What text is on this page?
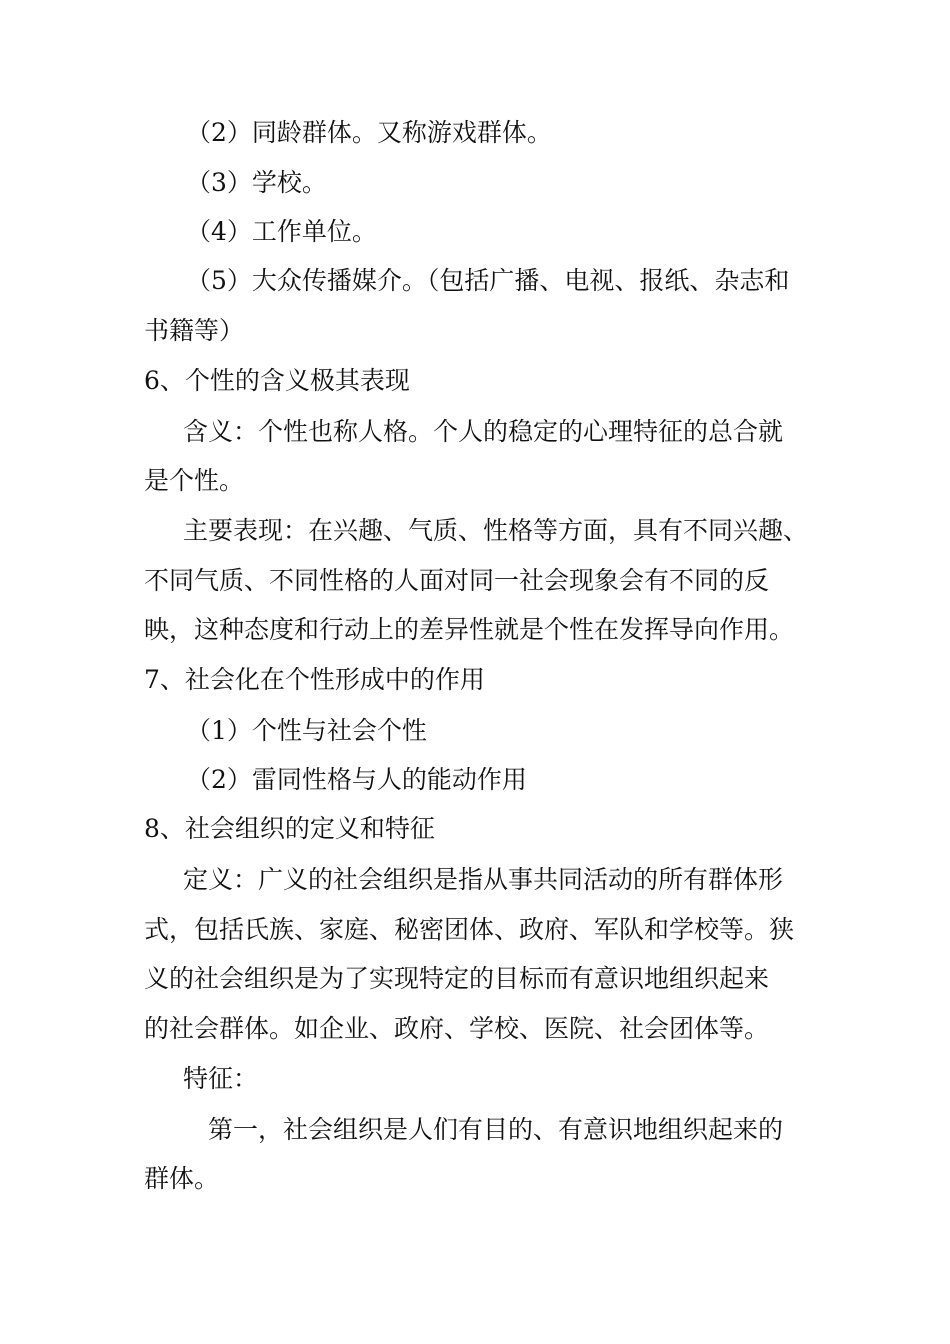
（2）同龄群体。又称游戏群体。
（3）学校。
（4）工作单位。
（5）大众传播媒介。（包括广播、电视、报纸、杂志和
书籍等）
6、个性的含义极其表现
含义：个性也称人格。个人的稳定的心理特征的总合就
是个性。
主要表现：在兴趣、气质、性格等方面，具有不同兴趣、
不同气质、不同性格的人面对同一社会现象会有不同的反
映，这种态度和行动上的差异性就是个性在发挥导向作用。
7、社会化在个性形成中的作用
（1）个性与社会个性
（2）雷同性格与人的能动作用
8、社会组织的定义和特征
定义：广义的社会组织是指从事共同活动的所有群体形
式，包括氏族、家庭、秘密团体、政府、军队和学校等。狭
义的社会组织是为了实现特定的目标而有意识地组织起来
的社会群体。如企业、政府、学校、医院、社会团体等。
特征：
第一，社会组织是人们有目的、有意识地组织起来的
群体。
